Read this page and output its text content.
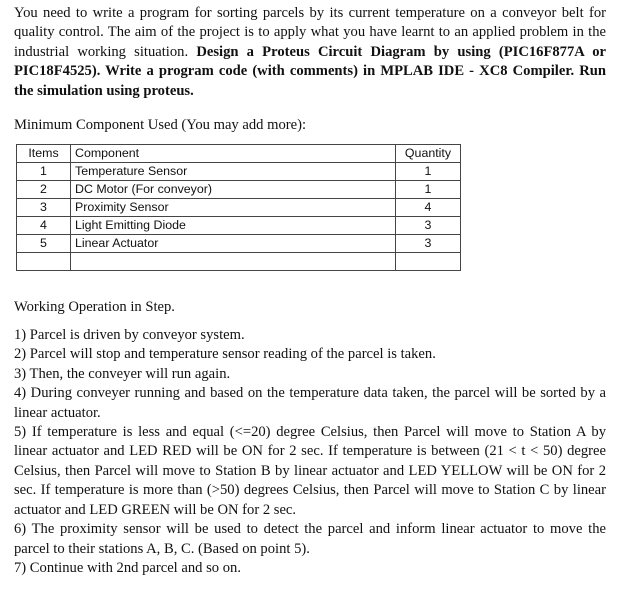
You need to write a program for sorting parcels by its current temperature on a conveyor belt for quality control. The aim of the project is to apply what you have learnt to an applied problem in the industrial working situation. Design a Proteus Circuit Diagram by using (PIC16F877A or PIC18F4525). Write a program code (with comments) in MPLAB IDE - XC8 Compiler. Run the simulation using proteus.

Minimum Component Used (You may add more):

Items	Component	Quantity
1	Temperature Sensor	1
2	DC Motor (For conveyor)	1
3	Proximity Sensor	4
4	Light Emitting Diode	3
5	Linear Actuator	3

Working Operation in Step.

1) Parcel is driven by conveyor system.
2) Parcel will stop and temperature sensor reading of the parcel is taken.
3) Then, the conveyer will run again.
4) During conveyer running and based on the temperature data taken, the parcel will be sorted by a linear actuator.
5) If temperature is less and equal (<=20) degree Celsius, then Parcel will move to Station A by linear actuator and LED RED will be ON for 2 sec. If temperature is between (21 < t < 50) degree Celsius, then Parcel will move to Station B by linear actuator and LED YELLOW will be ON for 2 sec. If temperature is more than (>50) degrees Celsius, then Parcel will move to Station C by linear actuator and LED GREEN will be ON for 2 sec.
6) The proximity sensor will be used to detect the parcel and inform linear actuator to move the parcel to their stations A, B, C. (Based on point 5).
7) Continue with 2nd parcel and so on.
